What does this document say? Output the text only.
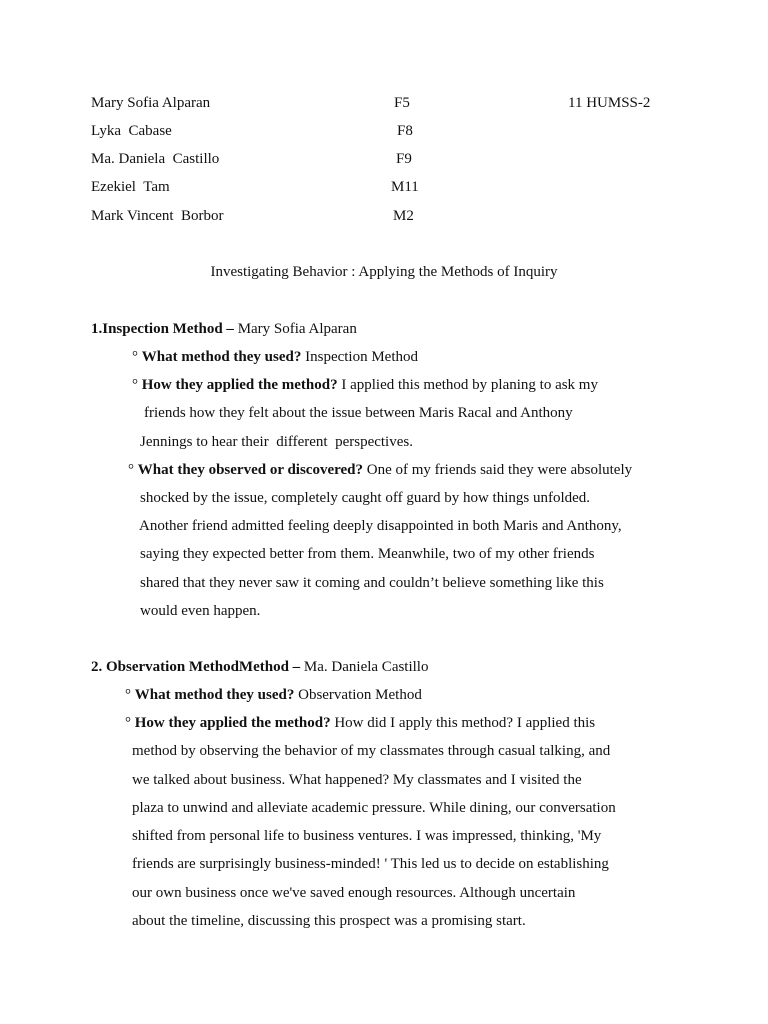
Mary Sofia Alparan	F5	11 HUMSS-2
Lyka  Cabase	F8
Ma. Daniela  Castillo	F9
Ezekiel  Tam	M11
Mark Vincent  Borbor	M2
Investigating Behavior : Applying the Methods of Inquiry
1.Inspection Method – Mary Sofia Alparan
° What method they used? Inspection Method
° How they applied the method? I applied this method by planing to ask my
friends how they felt about the issue between Maris Racal and Anthony
Jennings to hear their  different  perspectives.
° What they observed or discovered? One of my friends said they were absolutely
shocked by the issue, completely caught off guard by how things unfolded.
Another friend admitted feeling deeply disappointed in both Maris and Anthony,
saying they expected better from them. Meanwhile, two of my other friends
shared that they never saw it coming and couldn’t believe something like this
would even happen.
2. Observation MethodMethod – Ma. Daniela Castillo
° What method they used? Observation Method
° How they applied the method? How did I apply this method? I applied this
method by observing the behavior of my classmates through casual talking, and
we talked about business. What happened? My classmates and I visited the
plaza to unwind and alleviate academic pressure. While dining, our conversation
shifted from personal life to business ventures. I was impressed, thinking, 'My
friends are surprisingly business-minded! ' This led us to decide on establishing
our own business once we've saved enough resources. Although uncertain
about the timeline, discussing this prospect was a promising start.
